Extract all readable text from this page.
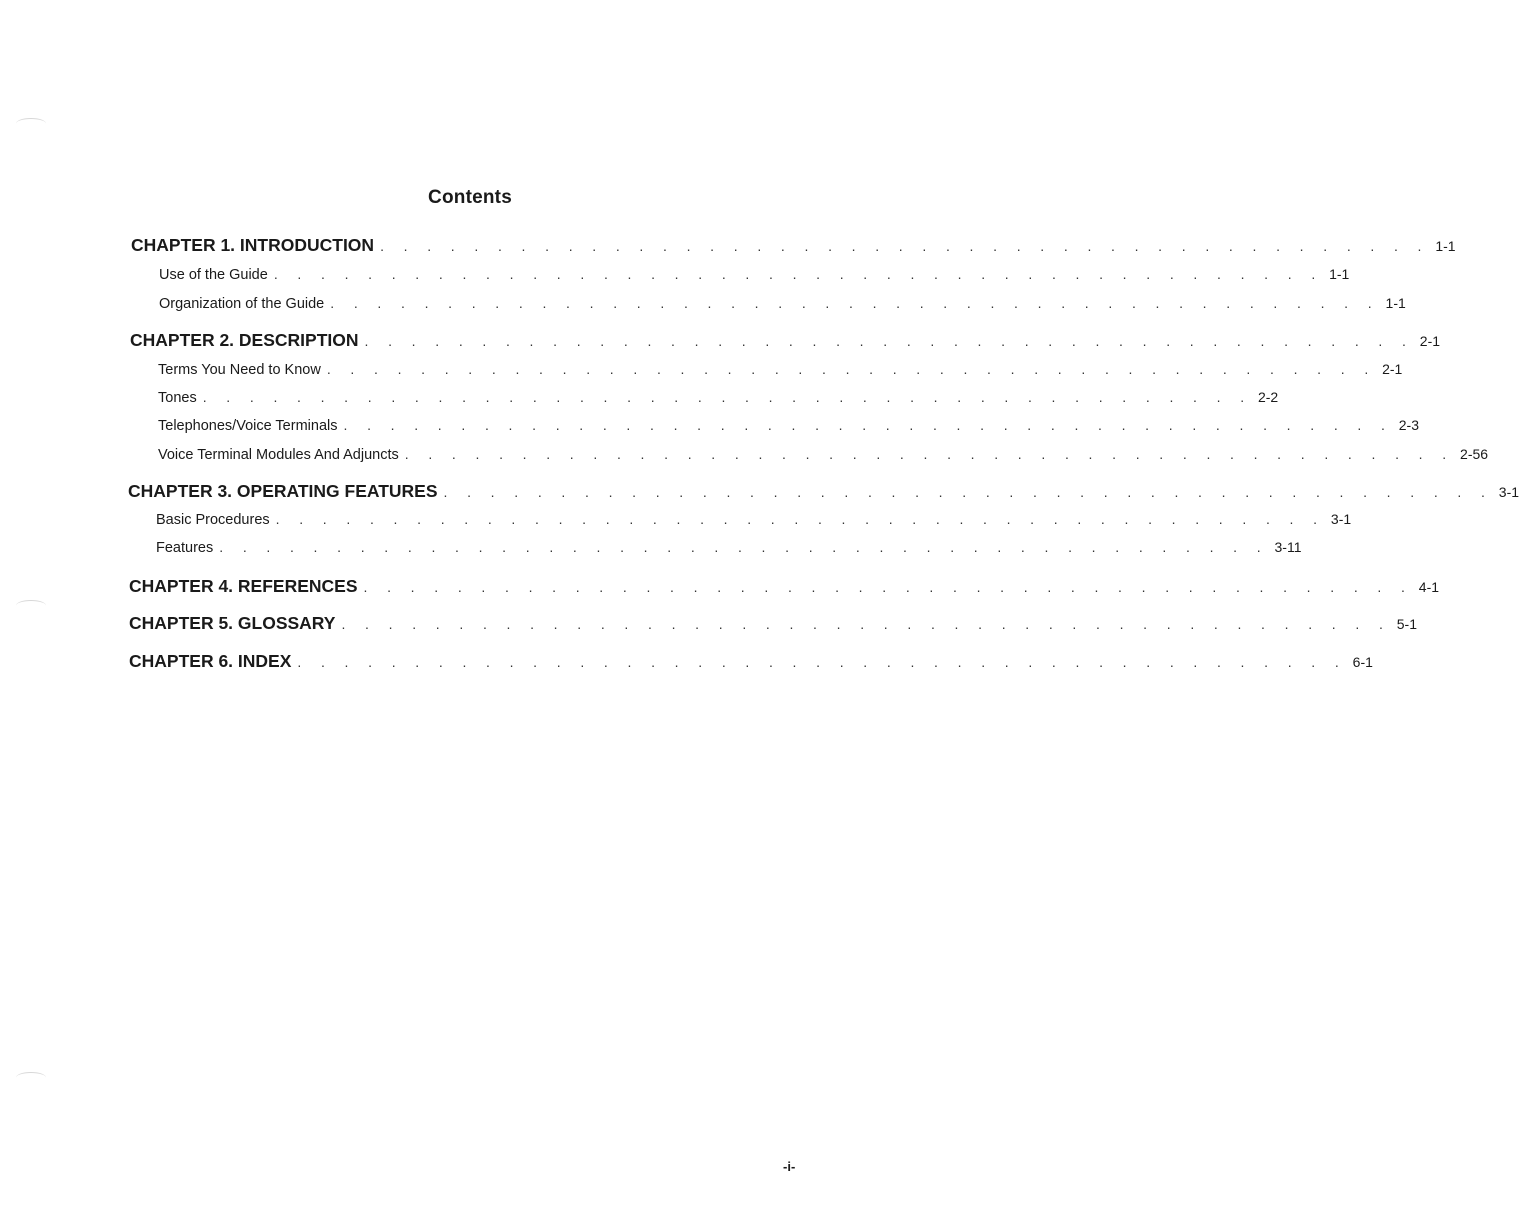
Contents
CHAPTER 1. INTRODUCTION . . . . . . . . . . . . . . . . . . . . . . . . . . . . . . . . . . . . . . . . . . . . . 1-1
Use of the Guide . . . . . . . . . . . . . . . . . . . . . . . . . . . . . . . . . . . . . . . . . . . . . 1-1
Organization of the Guide . . . . . . . . . . . . . . . . . . . . . . . . . . . . . . . . . . . . . . . . . . . . . 1-1
CHAPTER 2. DESCRIPTION . . . . . . . . . . . . . . . . . . . . . . . . . . . . . . . . . . . . . . . . . . . . . 2-1
Terms You Need to Know . . . . . . . . . . . . . . . . . . . . . . . . . . . . . . . . . . . . . . . . . . . . . 2-1
Tones . . . . . . . . . . . . . . . . . . . . . . . . . . . . . . . . . . . . . . . . . . . . . 2-2
Telephones/Voice Terminals . . . . . . . . . . . . . . . . . . . . . . . . . . . . . . . . . . . . . . . . . . . . . 2-3
Voice Terminal Modules And Adjuncts . . . . . . . . . . . . . . . . . . . . . . . . . . . . . . . . . . . . . . . . . . . . . 2-56
CHAPTER 3. OPERATING FEATURES . . . . . . . . . . . . . . . . . . . . . . . . . . . . . . . . . . . . . . . . . . . . . 3-1
Basic Procedures . . . . . . . . . . . . . . . . . . . . . . . . . . . . . . . . . . . . . . . . . . . . . 3-1
Features . . . . . . . . . . . . . . . . . . . . . . . . . . . . . . . . . . . . . . . . . . . . . 3-11
CHAPTER 4. REFERENCES . . . . . . . . . . . . . . . . . . . . . . . . . . . . . . . . . . . . . . . . . . . . . 4-1
CHAPTER 5. GLOSSARY . . . . . . . . . . . . . . . . . . . . . . . . . . . . . . . . . . . . . . . . . . . . . 5-1
CHAPTER 6. INDEX . . . . . . . . . . . . . . . . . . . . . . . . . . . . . . . . . . . . . . . . . . . . . 6-1
-i-
